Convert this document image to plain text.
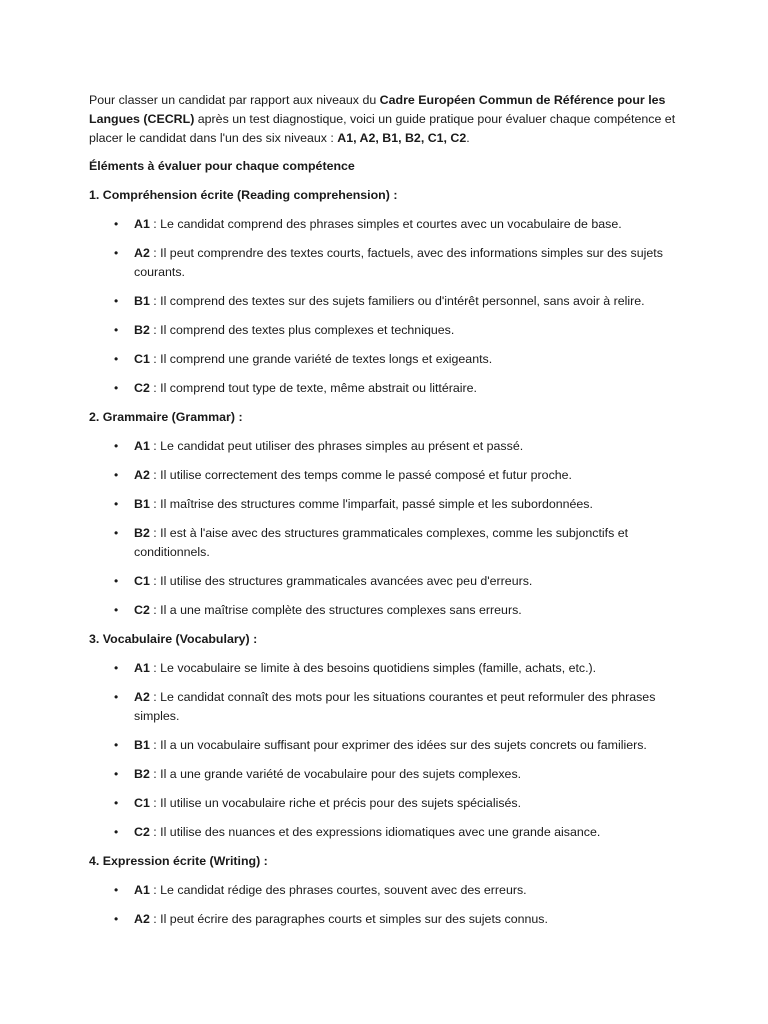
Pour classer un candidat par rapport aux niveaux du Cadre Européen Commun de Référence pour les Langues (CECRL) après un test diagnostique, voici un guide pratique pour évaluer chaque compétence et placer le candidat dans l'un des six niveaux : A1, A2, B1, B2, C1, C2.

Éléments à évaluer pour chaque compétence

1. Compréhension écrite (Reading comprehension) :

• A1 : Le candidat comprend des phrases simples et courtes avec un vocabulaire de base.
• A2 : Il peut comprendre des textes courts, factuels, avec des informations simples sur des sujets courants.
• B1 : Il comprend des textes sur des sujets familiers ou d'intérêt personnel, sans avoir à relire.
• B2 : Il comprend des textes plus complexes et techniques.
• C1 : Il comprend une grande variété de textes longs et exigeants.
• C2 : Il comprend tout type de texte, même abstrait ou littéraire.

2. Grammaire (Grammar) :

• A1 : Le candidat peut utiliser des phrases simples au présent et passé.
• A2 : Il utilise correctement des temps comme le passé composé et futur proche.
• B1 : Il maîtrise des structures comme l'imparfait, passé simple et les subordonnées.
• B2 : Il est à l'aise avec des structures grammaticales complexes, comme les subjonctifs et conditionnels.
• C1 : Il utilise des structures grammaticales avancées avec peu d'erreurs.
• C2 : Il a une maîtrise complète des structures complexes sans erreurs.

3. Vocabulaire (Vocabulary) :

• A1 : Le vocabulaire se limite à des besoins quotidiens simples (famille, achats, etc.).
• A2 : Le candidat connaît des mots pour les situations courantes et peut reformuler des phrases simples.
• B1 : Il a un vocabulaire suffisant pour exprimer des idées sur des sujets concrets ou familiers.
• B2 : Il a une grande variété de vocabulaire pour des sujets complexes.
• C1 : Il utilise un vocabulaire riche et précis pour des sujets spécialisés.
• C2 : Il utilise des nuances et des expressions idiomatiques avec une grande aisance.

4. Expression écrite (Writing) :

• A1 : Le candidat rédige des phrases courtes, souvent avec des erreurs.
• A2 : Il peut écrire des paragraphes courts et simples sur des sujets connus.
